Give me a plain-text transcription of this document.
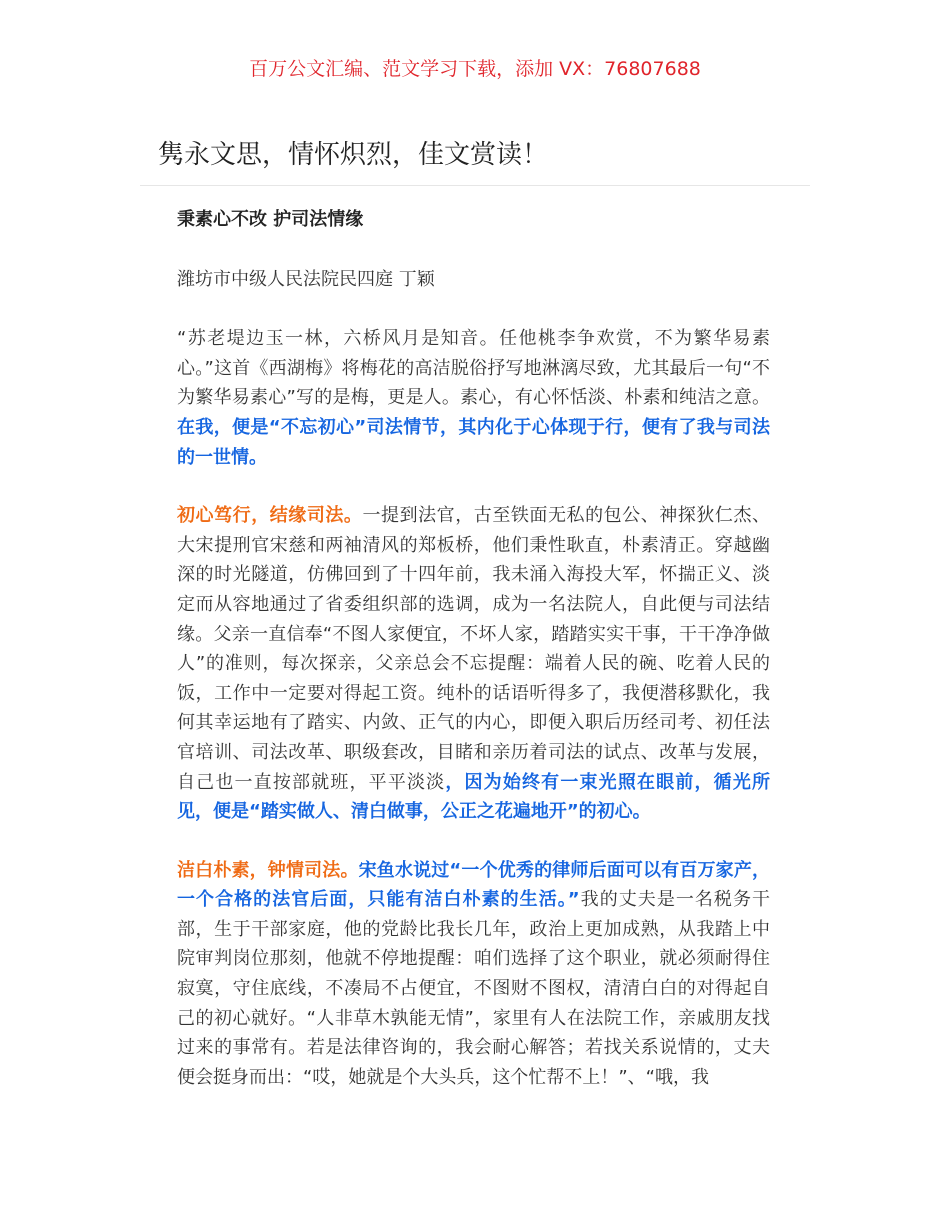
百万公文汇编、范文学习下载，添加 VX：76807688
隽永文思，情怀炽烈，佳文赏读！

秉素心不改 护司法情缘

潍坊市中级人民法院民四庭 丁颖

“苏老堤边玉一林，六桥风月是知音。任他桃李争欢赏，不为繁华易素心。”这首《西湖梅》将梅花的高洁脱俗抒写地淋漓尽致，尤其最后一句“不为繁华易素心”写的是梅，更是人。素心，有心怀恬淡、朴素和纯洁之意。在我，便是“不忘初心”司法情节，其内化于心体现于行，便有了我与司法的一世情。

初心笃行，结缘司法。一提到法官，古至铁面无私的包公、神探狄仁杰、大宋提刑官宋慈和两袖清风的郑板桥，他们秉性耿直，朴素清正。穿越幽深的时光隧道，仿佛回到了十四年前，我未涌入海投大军，怀揣正义、淡定而从容地通过了省委组织部的选调，成为一名法院人，自此便与司法结缘。父亲一直信奉“不图人家便宜，不坏人家，踏踏实实干事，干干净净做人”的准则，每次探亲，父亲总会不忘提醒：端着人民的碗、吃着人民的饭，工作中一定要对得起工资。纯朴的话语听得多了，我便潜移默化，我何其幸运地有了踏实、内敛、正气的内心，即便入职后历经司考、初任法官培训、司法改革、职级套改，目睹和亲历着司法的试点、改革与发展，自己也一直按部就班，平平淡淡，因为始终有一束光照在眼前，循光所见，便是“踏实做人、清白做事，公正之花遍地开”的初心。

洁白朴素，钟情司法。宋鱼水说过“一个优秀的律师后面可以有百万家产，一个合格的法官后面，只能有洁白朴素的生活。”我的丈夫是一名税务干部，生于干部家庭，他的党龄比我长几年，政治上更加成熟，从我踏上中院审判岗位那刻，他就不停地提醒：咱们选择了这个职业，就必须耐得住寂寞，守住底线，不凑局不占便宜，不图财不图权，清清白白的对得起自己的初心就好。“人非草木孰能无情”，家里有人在法院工作，亲戚朋友找过来的事常有。若是法律咨询的，我会耐心解答；若找关系说情的，丈夫便会挺身而出：“哎，她就是个大头兵，这个忙帮不上！”、“哦，我
